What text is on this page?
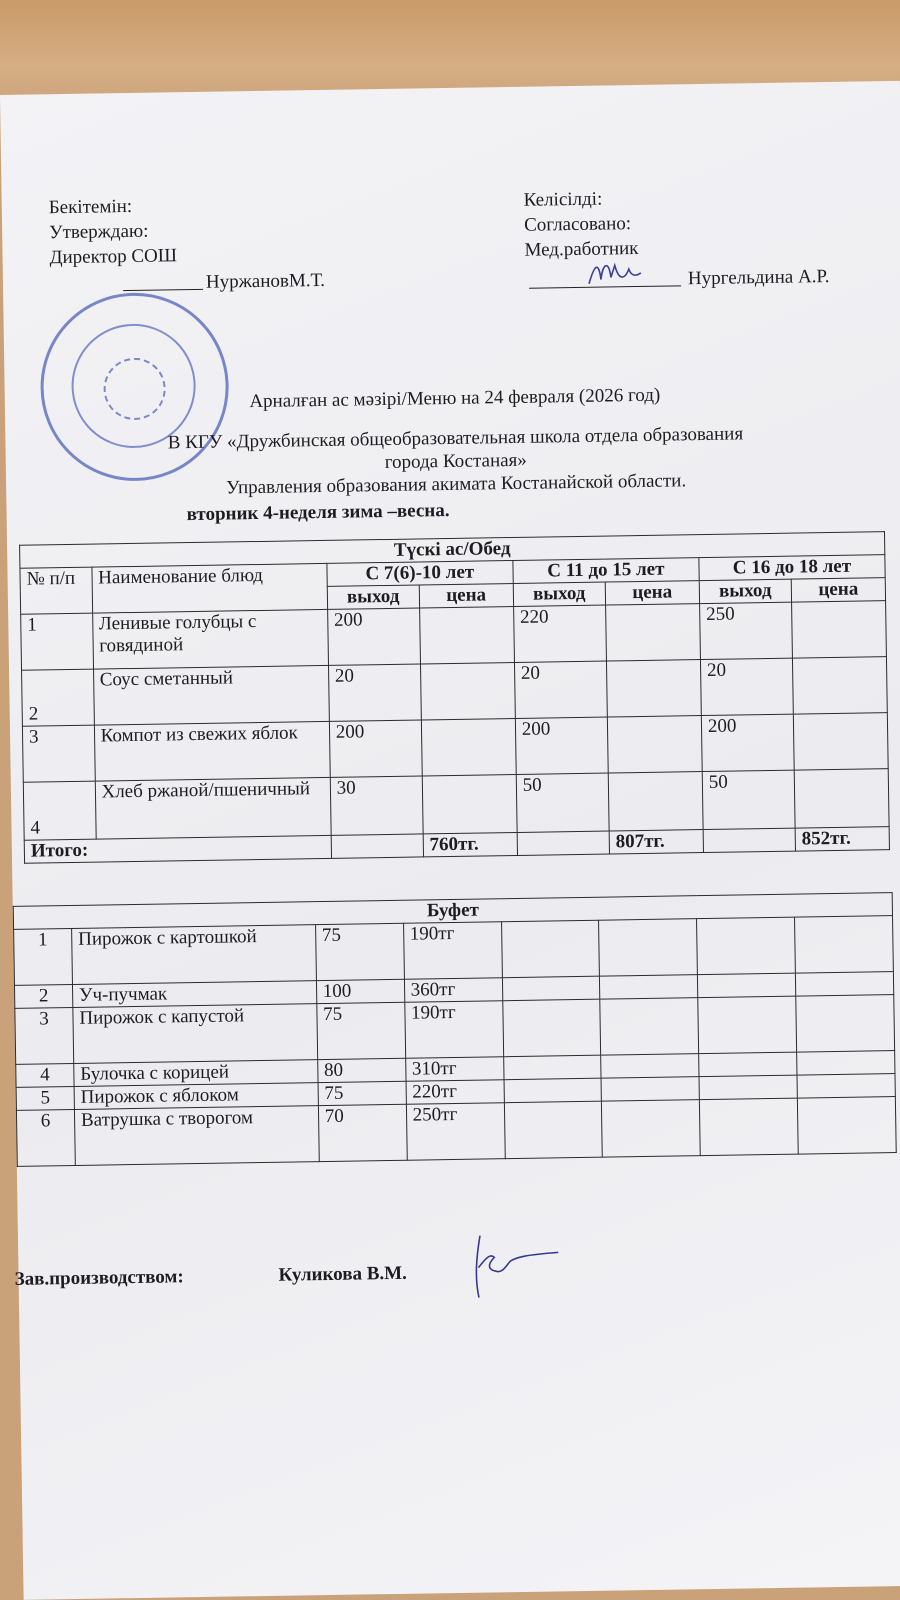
Бекітемін:
Утверждаю:
Директор СОШ
НуржановМ.Т.
Келісілді:
Согласовано:
Мед.работник
Нургельдина А.Р.
Арналған ас мәзірі/Меню на 24 февраля (2026 год)
В КГУ «Дружбинская общеобразовательная школа отдела образования
города Костаная»
Управления образования акимата Костанайской области.
вторник 4-неделя зима –весна.
Түскі ас/Обед							
№ п/п	Наименование блюд	С 7(6)-10 лет		С 11 до 15 лет		С 16 до 18 лет	
		выход	цена	выход	цена	выход	цена
1	Ленивые голубцы с говядиной	200		220		250	
2	Соус сметанный	20		20		20	
3	Компот из свежих яблок	200		200		200	
4	Хлеб ржаной/пшеничный	30		50		50	
Итого:			760тг.		807тг.		852тг.
Буфет							
1	Пирожок с картошкой	75	190тг				
2	Уч-пучмак	100	360тг				
3	Пирожок с капустой	75	190тг				
4	Булочка с корицей	80	310тг				
5	Пирожок с яблоком	75	220тг				
6	Ватрушка с творогом	70	250тг				
Зав.производством:	Куликова В.М.
